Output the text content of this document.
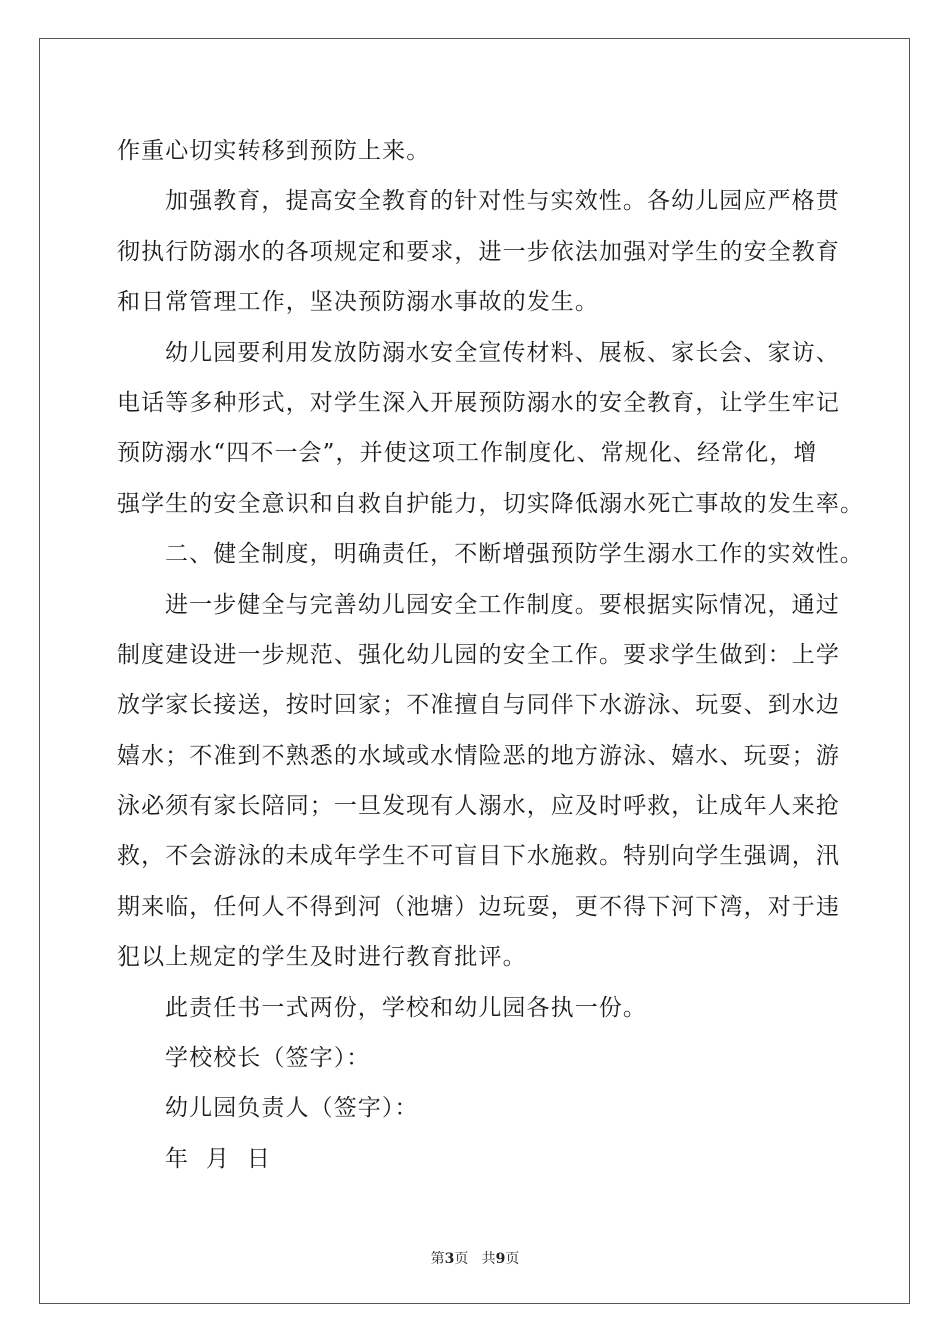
作重心切实转移到预防上来。
加强教育，提高安全教育的针对性与实效性。各幼儿园应严格贯
彻执行防溺水的各项规定和要求，进一步依法加强对学生的安全教育
和日常管理工作，坚决预防溺水事故的发生。
幼儿园要利用发放防溺水安全宣传材料、展板、家长会、家访、
电话等多种形式，对学生深入开展预防溺水的安全教育，让学生牢记
预防溺水“四不一会”，并使这项工作制度化、常规化、经常化，增
强学生的安全意识和自救自护能力，切实降低溺水死亡事故的发生率。
二、健全制度，明确责任，不断增强预防学生溺水工作的实效性。
进一步健全与完善幼儿园安全工作制度。要根据实际情况，通过
制度建设进一步规范、强化幼儿园的安全工作。要求学生做到：上学
放学家长接送，按时回家；不准擅自与同伴下水游泳、玩耍、到水边
嬉水；不准到不熟悉的水域或水情险恶的地方游泳、嬉水、玩耍；游
泳必须有家长陪同；一旦发现有人溺水，应及时呼救，让成年人来抢
救，不会游泳的未成年学生不可盲目下水施救。特别向学生强调，汛
期来临，任何人不得到河（池塘）边玩耍，更不得下河下湾，对于违
犯以上规定的学生及时进行教育批评。
此责任书一式两份，学校和幼儿园各执一份。
学校校长（签字）：
幼儿园负责人（签字）：
年  月  日
第3页   共9页
